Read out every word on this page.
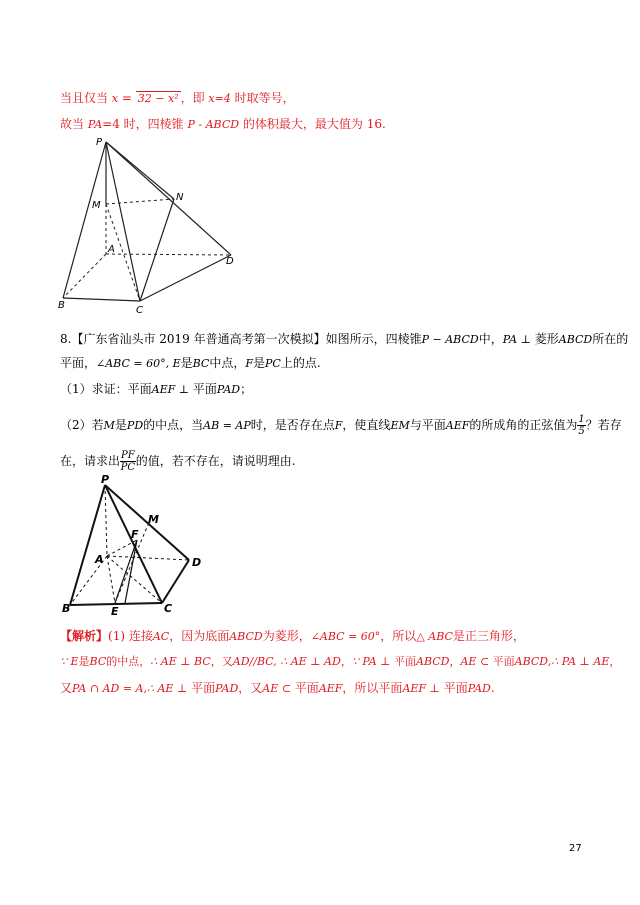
当且仅当 x = 32 − x² ，即 x=4 时取等号，
故当 PA=4 时，四棱锥 P - ABCD 的体积最大，最大值为 16.
P
M
N
A
D
B	C
P
M
F
A	D
B	E	C
8.【广东省汕头市 2019 年普通高考第一次模拟】如图所示，四棱锥P − ABCD中，PA ⊥ 菱形ABCD所在的
平面，∠ABC = 60°, E是BC中点，F是PC上的点.
（1）求证：平面AEF ⊥ 平面PAD；
（2）若M是PD的中点，当AB = AP时，是否存在点F，使直线EM与平面AEF的所成角的正弦值为 $\frac{1}{5}$ ？若存
在，请求出 $\frac{PF}{PC}$ 的值，若不存在，请说明理由.
【解析】(1) 连接AC，因为底面ABCD为菱形，∠ABC = 60°，所以△ ABC是正三角形，
∵ E是BC的中点，∴ AE ⊥ BC，又AD//BC, ∴ AE ⊥ AD，∵ PA ⊥ 平面ABCD，AE ⊂ 平面ABCD,∴ PA ⊥ AE，
又PA ∩ AD = A,∴ AE ⊥ 平面PAD，又AE ⊂ 平面AEF，所以平面AEF ⊥ 平面PAD.
27
